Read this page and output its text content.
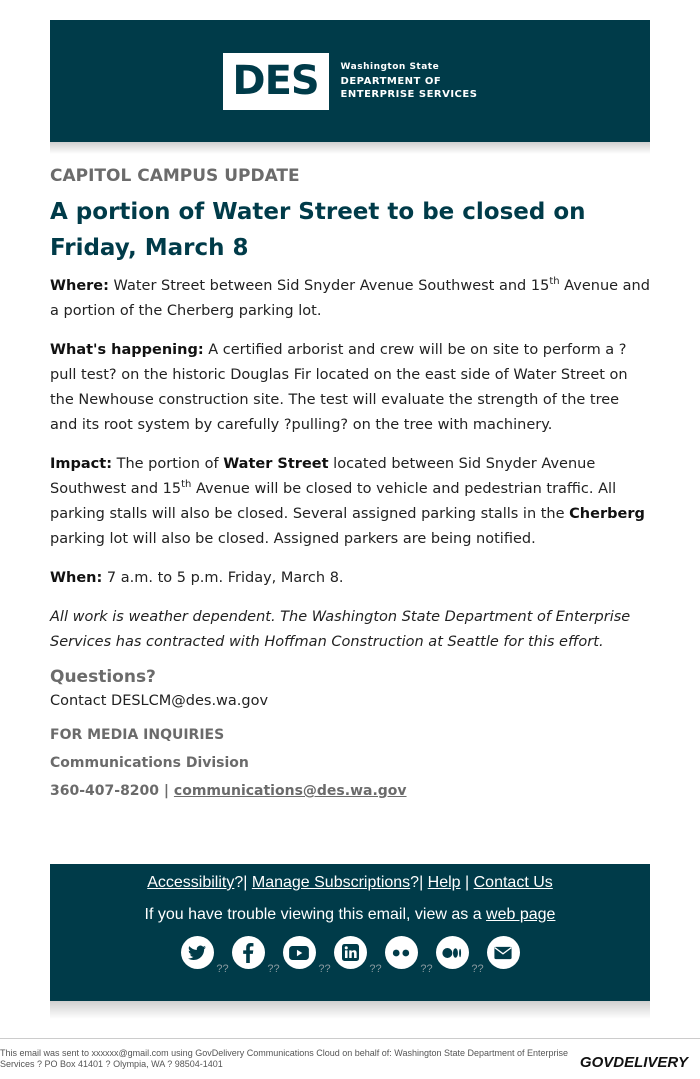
DES Washington State
DEPARTMENT OF
ENTERPRISE SERVICES
CAPITOL CAMPUS UPDATE
A portion of Water Street to be closed on Friday, March 8

Where: Water Street between Sid Snyder Avenue Southwest and 15th Avenue and a portion of the Cherberg parking lot.

What's happening: A certified arborist and crew will be on site to perform a ?pull test? on the historic Douglas Fir located on the east side of Water Street on the Newhouse construction site. The test will evaluate the strength of the tree and its root system by carefully ?pulling? on the tree with machinery.

Impact: The portion of Water Street located between Sid Snyder Avenue Southwest and 15th Avenue will be closed to vehicle and pedestrian traffic. All parking stalls will also be closed. Several assigned parking stalls in the Cherberg parking lot will also be closed. Assigned parkers are being notified.

When: 7 a.m. to 5 p.m. Friday, March 8.

All work is weather dependent. The Washington State Department of Enterprise Services has contracted with Hoffman Construction at Seattle for this effort.

Questions?
Contact DESLCM@des.wa.gov
FOR MEDIA INQUIRIES
Communications Division
360-407-8200 | communications@des.wa.gov
Accessibility?| Manage Subscriptions?| Help | Contact Us
If you have trouble viewing this email, view as a web page
??	??	??	??	??	??
This email was sent to xxxxxx@gmail.com using GovDelivery Communications Cloud on behalf of: Washington State Department of Enterprise Services ? PO Box 41401 ? Olympia, WA ? 98504-1401	GOVDELIVERY
